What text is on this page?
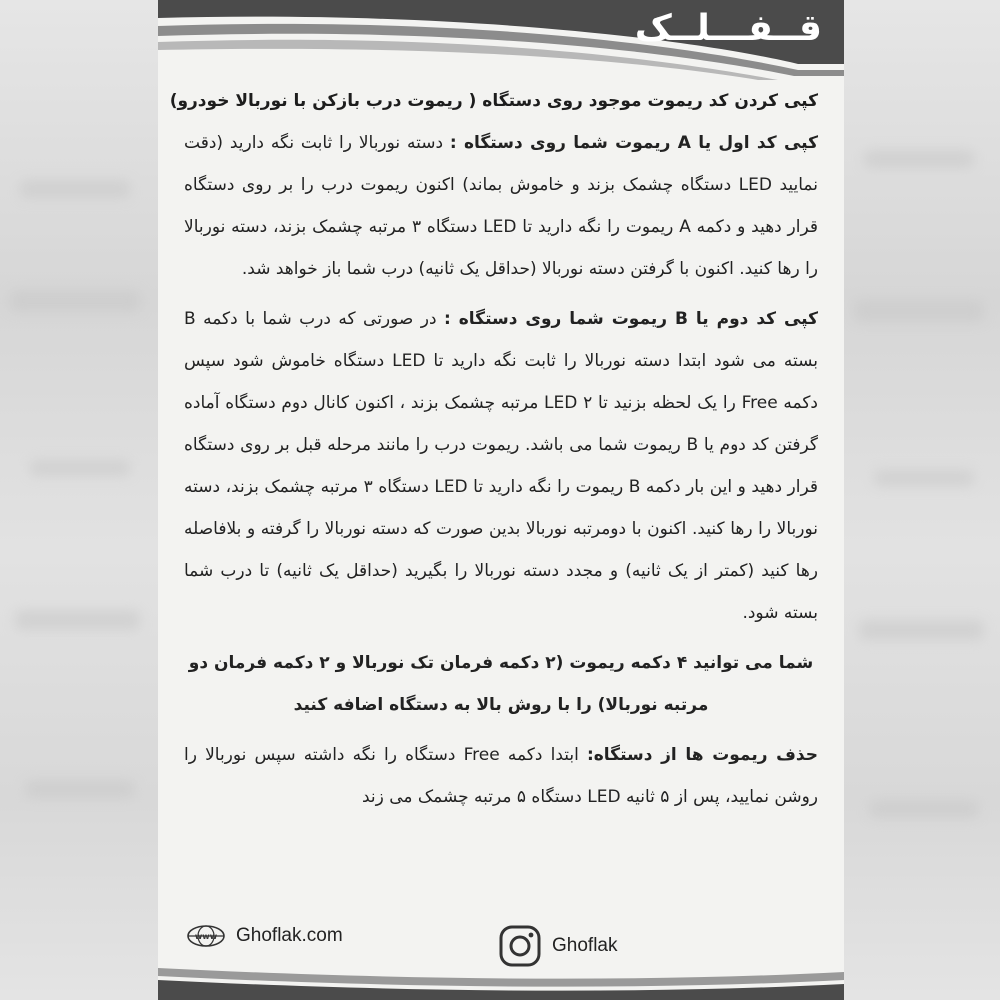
قــفـــلــک

کپی کردن کد ریموت موجود روی دستگاه ( ریموت درب بازکن با نوربالا خودرو)

کپی کد اول یا A ریموت شما روی دستگاه : دسته نوربالا را ثابت نگه دارید (دقت نمایید LED دستگاه چشمک بزند و خاموش بماند) اکنون ریموت درب را بر روی دستگاه قرار دهید و دکمه A ریموت را نگه دارید تا LED دستگاه ۳ مرتبه چشمک بزند، دسته نوربالا را رها کنید. اکنون با گرفتن دسته نوربالا (حداقل یک ثانیه) درب شما باز خواهد شد.

کپی کد دوم یا B ریموت شما روی دستگاه : در صورتی که درب شما با دکمه B بسته می شود ابتدا دسته نوربالا را ثابت نگه دارید تا LED دستگاه خاموش شود سپس دکمه Free را یک لحظه بزنید تا LED ۲ مرتبه چشمک بزند ، اکنون کانال دوم دستگاه آماده گرفتن کد دوم یا B ریموت شما می باشد. ریموت درب را مانند مرحله قبل بر روی دستگاه قرار دهید و این بار دکمه B ریموت را نگه دارید تا LED دستگاه ۳ مرتبه چشمک بزند، دسته نوربالا را رها کنید. اکنون با دومرتبه نوربالا بدین صورت که دسته نوربالا را گرفته و بلافاصله رها کنید (کمتر از یک ثانیه) و مجدد دسته نوربالا را بگیرید (حداقل یک ثانیه) تا درب شما بسته شود.

شما می توانید ۴ دکمه ریموت (۲ دکمه فرمان تک نوربالا و ۲ دکمه فرمان دو مرتبه نوربالا) را با روش بالا به دستگاه اضافه کنید

حذف ریموت ها از دستگاه: ابتدا دکمه Free دستگاه را نگه داشته سپس نوربالا را روشن نمایید، پس از ۵ ثانیه LED دستگاه ۵ مرتبه چشمک می زند

www Ghoflak.com	Ghoflak
